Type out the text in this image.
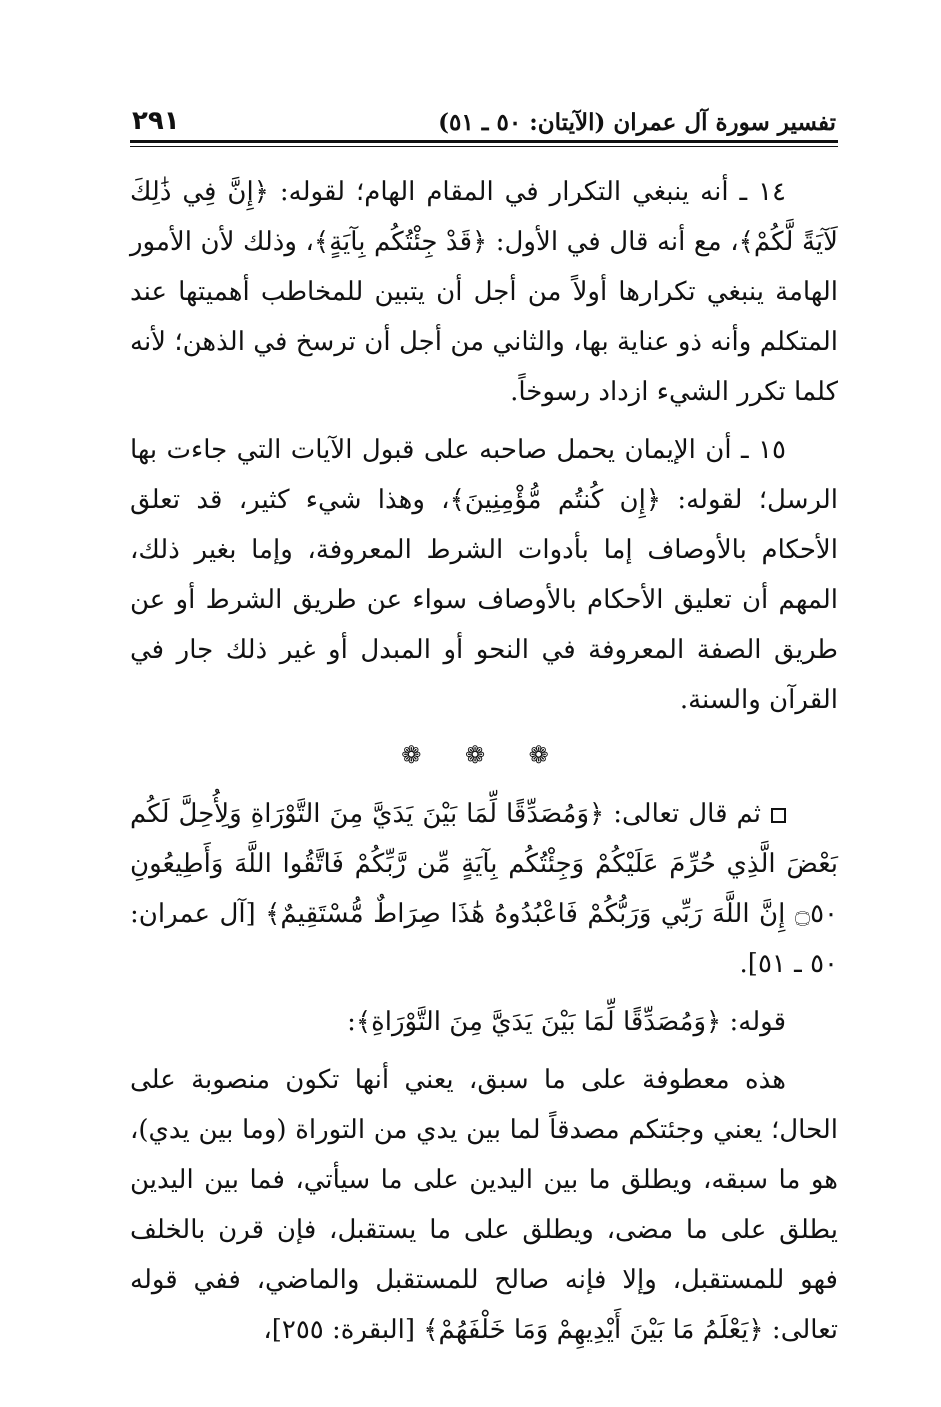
تفسير سورة آل عمران (الآيتان: ٥٠ ـ ٥١)
٢٩١

١٤ ـ أنه ينبغي التكرار في المقام الهام؛ لقوله: ﴿إِنَّ فِي ذَٰلِكَ لَآيَةً لَّكُمْ﴾، مع أنه قال في الأول: ﴿قَدْ جِئْتُكُم بِآيَةٍ﴾، وذلك لأن الأمور الهامة ينبغي تكرارها أولاً من أجل أن يتبين للمخاطب أهميتها عند المتكلم وأنه ذو عناية بها، والثاني من أجل أن ترسخ في الذهن؛ لأنه كلما تكرر الشيء ازداد رسوخاً.

١٥ ـ أن الإيمان يحمل صاحبه على قبول الآيات التي جاءت بها الرسل؛ لقوله: ﴿إِن كُنتُم مُّؤْمِنِينَ﴾، وهذا شيء كثير، قد تعلق الأحكام بالأوصاف إما بأدوات الشرط المعروفة، وإما بغير ذلك، المهم أن تعليق الأحكام بالأوصاف سواء عن طريق الشرط أو عن طريق الصفة المعروفة في النحو أو المبدل أو غير ذلك جار في القرآن والسنة.

❁ ❁ ❁

ثم قال تعالى: ﴿وَمُصَدِّقًا لِّمَا بَيْنَ يَدَيَّ مِنَ التَّوْرَاةِ وَلِأُحِلَّ لَكُم بَعْضَ الَّذِي حُرِّمَ عَلَيْكُمْ وَجِئْتُكُم بِآيَةٍ مِّن رَّبِّكُمْ فَاتَّقُوا اللَّهَ وَأَطِيعُونِ ۝٥٠ إِنَّ اللَّهَ رَبِّي وَرَبُّكُمْ فَاعْبُدُوهُ هَٰذَا صِرَاطٌ مُّسْتَقِيمٌ﴾ [آل عمران: ٥٠ ـ ٥١].

قوله: ﴿وَمُصَدِّقًا لِّمَا بَيْنَ يَدَيَّ مِنَ التَّوْرَاةِ﴾:

هذه معطوفة على ما سبق، يعني أنها تكون منصوبة على الحال؛ يعني وجئتكم مصدقاً لما بين يدي من التوراة (وما بين يدي)، هو ما سبقه، ويطلق ما بين اليدين على ما سيأتي، فما بين اليدين يطلق على ما مضى، ويطلق على ما يستقبل، فإن قرن بالخلف فهو للمستقبل، وإلا فإنه صالح للمستقبل والماضي، ففي قوله تعالى: ﴿يَعْلَمُ مَا بَيْنَ أَيْدِيهِمْ وَمَا خَلْفَهُمْ﴾ [البقرة: ٢٥٥]،
